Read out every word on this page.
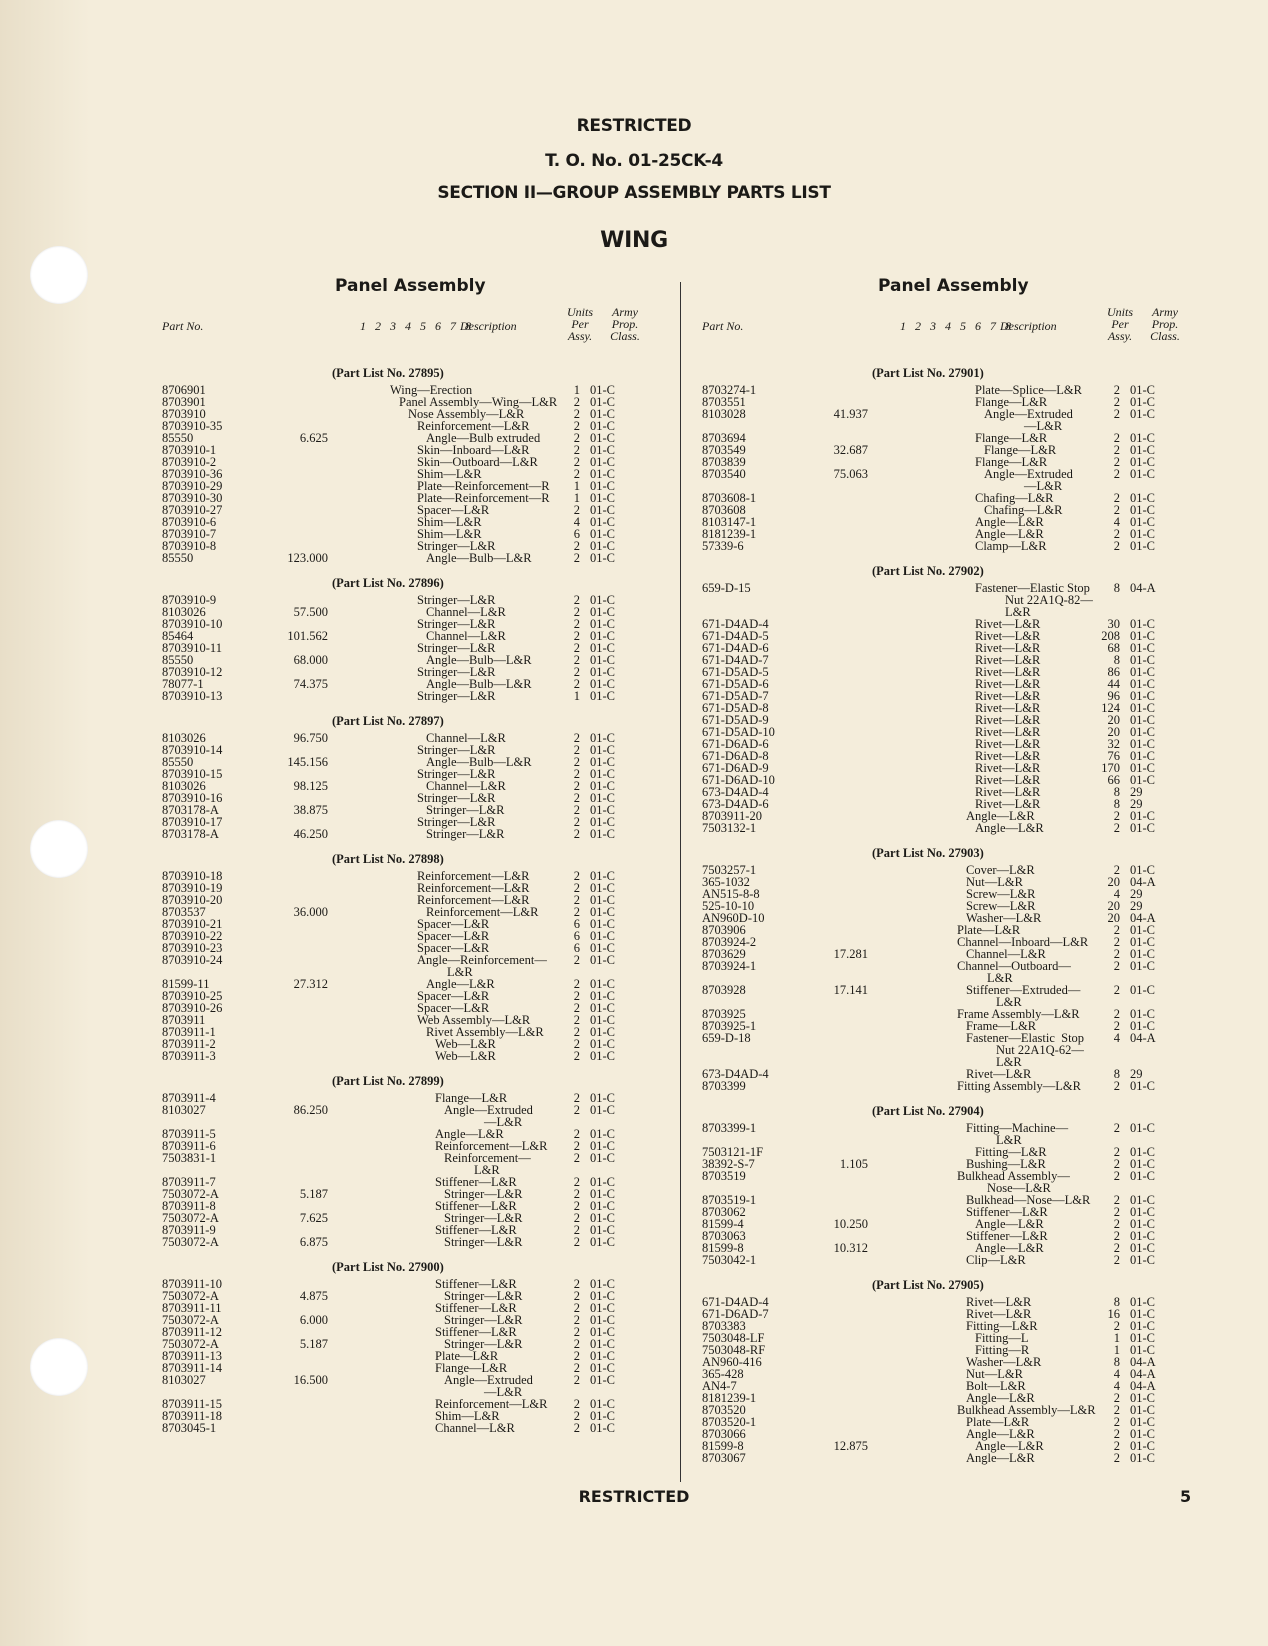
RESTRICTED
T. O. No. 01-25CK-4
SECTION II—GROUP ASSEMBLY PARTS LIST
WING
Panel Assembly
Part No.	1 2 3 4 5 6 7 8
Description
Units
Per
Assy.
Army
Prop.
Class.
(Part List No. 27895)
8706901	Wing—Erection	1 01-C
8703901	Panel Assembly—Wing—L&R	2 01-C
8703910	Nose Assembly—L&R	2 01-C
8703910-35	Reinforcement—L&R	2 01-C
85550	6.625	Angle—Bulb extruded	2 01-C
8703910-1	Skin—Inboard—L&R	2 01-C
8703910-2	Skin—Outboard—L&R	2 01-C
8703910-36	Shim—L&R	2 01-C
8703910-29	Plate—Reinforcement—R	1 01-C
8703910-30	Plate—Reinforcement—R	1 01-C
8703910-27	Spacer—L&R	2 01-C
8703910-6	Shim—L&R	4 01-C
8703910-7	Shim—L&R	6 01-C
8703910-8	Stringer—L&R	2 01-C
85550	123.000	Angle—Bulb—L&R	2 01-C
(Part List No. 27896)
8703910-9	Stringer—L&R	2 01-C
8103026	57.500	Channel—L&R	2 01-C
8703910-10	Stringer—L&R	2 01-C
85464	101.562	Channel—L&R	2 01-C
8703910-11	Stringer—L&R	2 01-C
85550	68.000	Angle—Bulb—L&R	2 01-C
8703910-12	Stringer—L&R	2 01-C
78077-1	74.375	Angle—Bulb—L&R	2 01-C
8703910-13	Stringer—L&R	1 01-C
(Part List No. 27897)
8103026	96.750	Channel—L&R	2 01-C
8703910-14	Stringer—L&R	2 01-C
85550	145.156	Angle—Bulb—L&R	2 01-C
8703910-15	Stringer—L&R	2 01-C
8103026	98.125	Channel—L&R	2 01-C
8703910-16	Stringer—L&R	2 01-C
8703178-A	38.875	Stringer—L&R	2 01-C
8703910-17	Stringer—L&R	2 01-C
8703178-A	46.250	Stringer—L&R	2 01-C
(Part List No. 27898)
8703910-18	Reinforcement—L&R	2 01-C
8703910-19	Reinforcement—L&R	2 01-C
8703910-20	Reinforcement—L&R	2 01-C
8703537	36.000	Reinforcement—L&R	2 01-C
8703910-21	Spacer—L&R	6 01-C
8703910-22	Spacer—L&R	6 01-C
8703910-23	Spacer—L&R	6 01-C
8703910-24	Angle—Reinforcement—	2 01-C
L&R
81599-11	27.312	Angle—L&R	2 01-C
8703910-25	Spacer—L&R	2 01-C
8703910-26	Spacer—L&R	2 01-C
8703911	Web Assembly—L&R	2 01-C
8703911-1	Rivet Assembly—L&R	2 01-C
8703911-2	Web—L&R	2 01-C
8703911-3	Web—L&R	2 01-C
(Part List No. 27899)
8703911-4	Flange—L&R	2 01-C
8103027	86.250	Angle—Extruded	2 01-C
—L&R
8703911-5	Angle—L&R	2 01-C
8703911-6	Reinforcement—L&R	2 01-C
7503831-1	Reinforcement—	2 01-C
L&R
8703911-7	Stiffener—L&R	2 01-C
7503072-A	5.187	Stringer—L&R	2 01-C
8703911-8	Stiffener—L&R	2 01-C
7503072-A	7.625	Stringer—L&R	2 01-C
8703911-9	Stiffener—L&R	2 01-C
7503072-A	6.875	Stringer—L&R	2 01-C
(Part List No. 27900)
8703911-10	Stiffener—L&R	2 01-C
7503072-A	4.875	Stringer—L&R	2 01-C
8703911-11	Stiffener—L&R	2 01-C
7503072-A	6.000	Stringer—L&R	2 01-C
8703911-12	Stiffener—L&R	2 01-C
7503072-A	5.187	Stringer—L&R	2 01-C
8703911-13	Plate—L&R	2 01-C
8703911-14	Flange—L&R	2 01-C
8103027	16.500	Angle—Extruded	2 01-C
—L&R
8703911-15	Reinforcement—L&R	2 01-C
8703911-18	Shim—L&R	2 01-C
8703045-1	Channel—L&R	2 01-C
Panel Assembly
Part No.	1 2 3 4 5 6 7 8
Description
Units
Per
Assy.
Army
Prop.
Class.
(Part List No. 27901)
8703274-1	Plate—Splice—L&R	2 01-C
8703551	Flange—L&R	2 01-C
8103028	41.937	Angle—Extruded	2 01-C
—L&R
8703694	Flange—L&R	2 01-C
8703549	32.687	Flange—L&R	2 01-C
8703839	Flange—L&R	2 01-C
8703540	75.063	Angle—Extruded	2 01-C
—L&R
8703608-1	Chafing—L&R	2 01-C
8703608	Chafing—L&R	2 01-C
8103147-1	Angle—L&R	4 01-C
8181239-1	Angle—L&R	2 01-C
57339-6	Clamp—L&R	2 01-C
(Part List No. 27902)
659-D-15	Fastener—Elastic Stop	8 04-A
Nut 22A1Q-82—
L&R
671-D4AD-4	Rivet—L&R	30 01-C
671-D4AD-5	Rivet—L&R	208 01-C
671-D4AD-6	Rivet—L&R	68 01-C
671-D4AD-7	Rivet—L&R	8 01-C
671-D5AD-5	Rivet—L&R	86 01-C
671-D5AD-6	Rivet—L&R	44 01-C
671-D5AD-7	Rivet—L&R	96 01-C
671-D5AD-8	Rivet—L&R	124 01-C
671-D5AD-9	Rivet—L&R	20 01-C
671-D5AD-10	Rivet—L&R	20 01-C
671-D6AD-6	Rivet—L&R	32 01-C
671-D6AD-8	Rivet—L&R	76 01-C
671-D6AD-9	Rivet—L&R	170 01-C
671-D6AD-10	Rivet—L&R	66 01-C
673-D4AD-4	Rivet—L&R	8 29
673-D4AD-6	Rivet—L&R	8 29
8703911-20	Angle—L&R	2 01-C
7503132-1	Angle—L&R	2 01-C
(Part List No. 27903)
7503257-1	Cover—L&R	2 01-C
365-1032	Nut—L&R	20 04-A
AN515-8-8	Screw—L&R	4 29
525-10-10	Screw—L&R	20 29
AN960D-10	Washer—L&R	20 04-A
8703906	Plate—L&R	2 01-C
8703924-2	Channel—Inboard—L&R	2 01-C
8703629	17.281	Channel—L&R	2 01-C
8703924-1	Channel—Outboard—	2 01-C
L&R
8703928	17.141	Stiffener—Extruded—	2 01-C
L&R
8703925	Frame Assembly—L&R	2 01-C
8703925-1	Frame—L&R	2 01-C
659-D-18	Fastener—Elastic  Stop	4 04-A
Nut 22A1Q-62—
L&R
673-D4AD-4	Rivet—L&R	8 29
8703399	Fitting Assembly—L&R	2 01-C
(Part List No. 27904)
8703399-1	Fitting—Machine—	2 01-C
L&R
7503121-1F	Fitting—L&R	2 01-C
38392-S-7	1.105	Bushing—L&R	2 01-C
8703519	Bulkhead Assembly—	2 01-C
Nose—L&R
8703519-1	Bulkhead—Nose—L&R	2 01-C
8703062	Stiffener—L&R	2 01-C
81599-4	10.250	Angle—L&R	2 01-C
8703063	Stiffener—L&R	2 01-C
81599-8	10.312	Angle—L&R	2 01-C
7503042-1	Clip—L&R	2 01-C
(Part List No. 27905)
671-D4AD-4	Rivet—L&R	8 01-C
671-D6AD-7	Rivet—L&R	16 01-C
8703383	Fitting—L&R	2 01-C
7503048-LF	Fitting—L	1 01-C
7503048-RF	Fitting—R	1 01-C
AN960-416	Washer—L&R	8 04-A
365-428	Nut—L&R	4 04-A
AN4-7	Bolt—L&R	4 04-A
8181239-1	Angle—L&R	2 01-C
8703520	Bulkhead Assembly—L&R	2 01-C
8703520-1	Plate—L&R	2 01-C
8703066	Angle—L&R	2 01-C
81599-8	12.875	Angle—L&R	2 01-C
8703067	Angle—L&R	2 01-C
RESTRICTED	5
